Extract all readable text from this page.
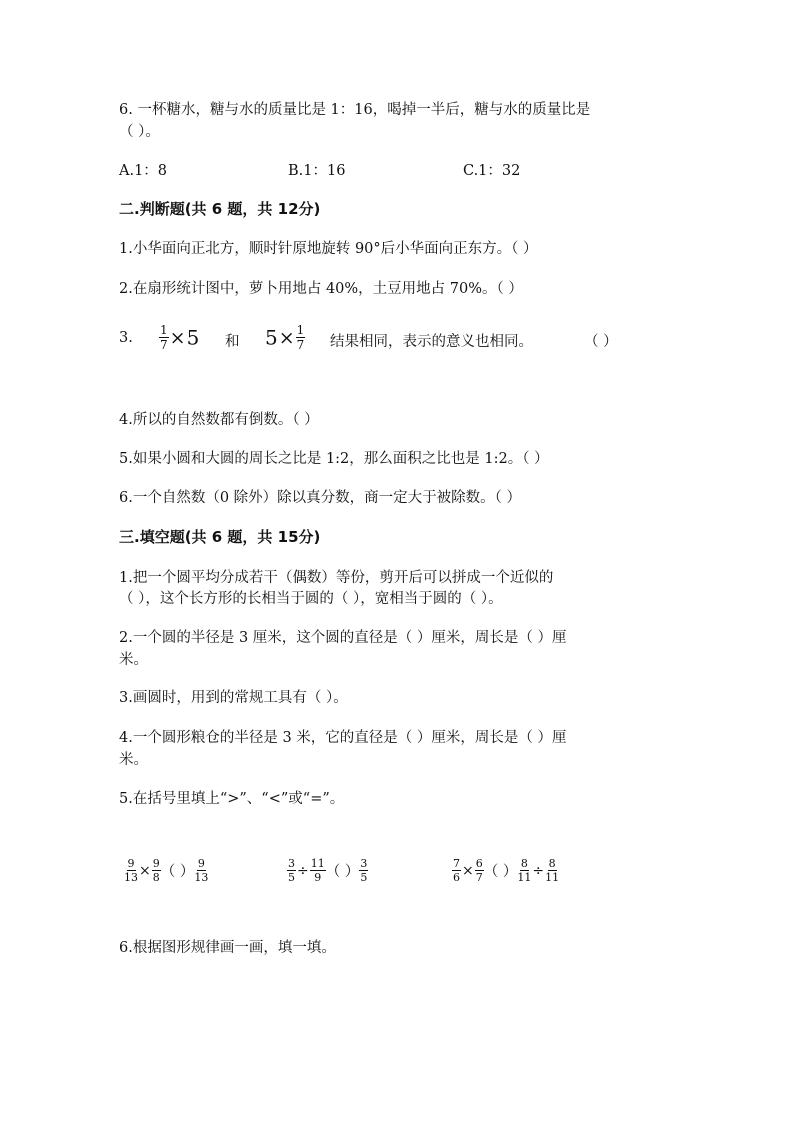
6. 一杯糖水，糖与水的质量比是 1：16，喝掉一半后，糖与水的质量比是
（ ）。
A.1：8	B.1：16	C.1：32
二.判断题(共 6 题，共 12分)
1.小华面向正北方，顺时针原地旋转 90°后小华面向正东方。（ ）
2.在扇形统计图中，萝卜用地占 40%，土豆用地占 70%。（ ）
3. $\frac{1}{7} \times 5$ 和 $5\times \frac{1}{7}$ 结果相同，表示的意义也相同。	（ ）
4.所以的自然数都有倒数。（ ）
5.如果小圆和大圆的周长之比是 1:2，那么面积之比也是 1:2。（ ）
6.一个自然数（0 除外）除以真分数，商一定大于被除数。（ ）
三.填空题(共 6 题，共 15分)
1.把一个圆平均分成若干（偶数）等份，剪开后可以拼成一个近似的
（ ），这个长方形的长相当于圆的（ ），宽相当于圆的（ ）。
2.一个圆的半径是 3 厘米，这个圆的直径是（ ）厘米，周长是（ ）厘
米。
3.画圆时，用到的常规工具有（ ）。
4.一个圆形粮仓的半径是 3 米，它的直径是（ ）厘米，周长是（ ）厘
米。
5.在括号里填上“>”、“<”或“=”。
$\frac{9}{13} \times \frac{9}{8}$ （ ） $\frac{9}{13}$	$\frac{3}{5} \div \frac{11}{9}$ （ ） $\frac{3}{5}$	$\frac{7}{6} \times \frac{6}{7}$ （ ） $\frac{8}{11} \div \frac{8}{11}$
6.根据图形规律画一画，填一填。
